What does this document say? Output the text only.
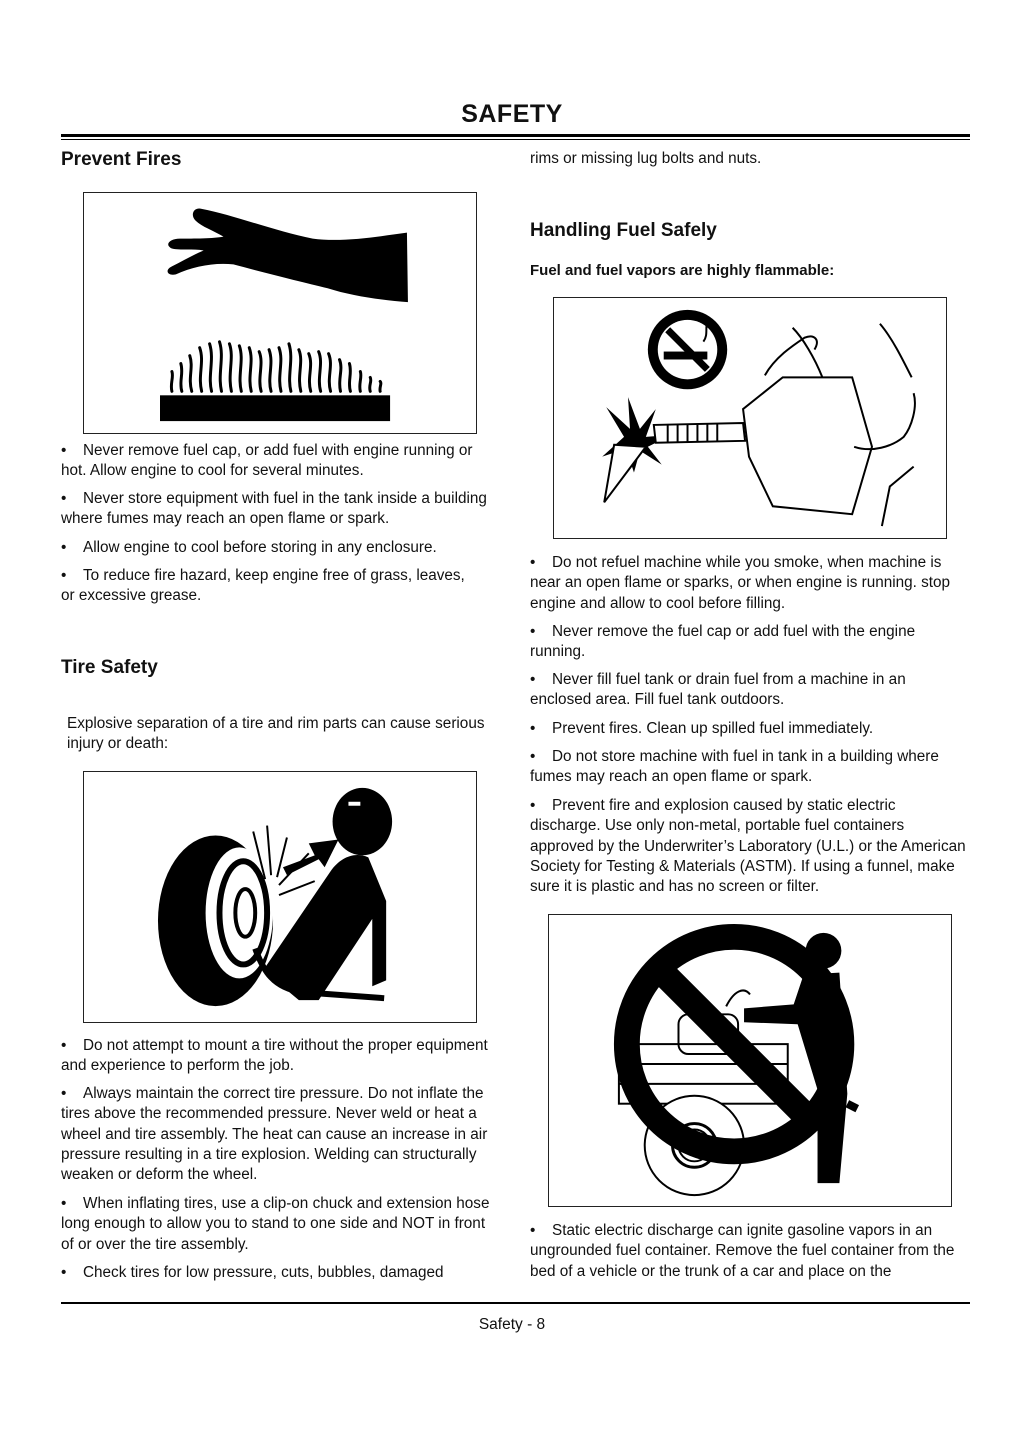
SAFETY
Prevent Fires
• Never remove fuel cap, or add fuel with engine running or hot. Allow engine to cool for several minutes.
• Never store equipment with fuel in the tank inside a building where fumes may reach an open flame or spark.
• Allow engine to cool before storing in any enclosure.
• To reduce fire hazard, keep engine free of grass, leaves, or excessive grease.
Tire Safety
Explosive separation of a tire and rim parts can cause serious injury or death:
• Do not attempt to mount a tire without the proper equipment and experience to perform the job.
• Always maintain the correct tire pressure. Do not inflate the tires above the recommended pressure. Never weld or heat a wheel and tire assembly. The heat can cause an increase in air pressure resulting in a tire explosion. Welding can structurally weaken or deform the wheel.
• When inflating tires, use a clip-on chuck and extension hose long enough to allow you to stand to one side and NOT in front of or over the tire assembly.
• Check tires for low pressure, cuts, bubbles, damaged
rims or missing lug bolts and nuts.
Handling Fuel Safely
Fuel and fuel vapors are highly flammable:
• Do not refuel machine while you smoke, when machine is near an open flame or sparks, or when engine is running. stop engine and allow to cool before filling.
• Never remove the fuel cap or add fuel with the engine running.
• Never fill fuel tank or drain fuel from a machine in an enclosed area. Fill fuel tank outdoors.
• Prevent fires. Clean up spilled fuel immediately.
• Do not store machine with fuel in tank in a building where fumes may reach an open flame or spark.
• Prevent fire and explosion caused by static electric discharge. Use only non-metal, portable fuel containers approved by the Underwriter’s Laboratory (U.L.) or the American Society for Testing & Materials (ASTM). If using a funnel, make sure it is plastic and has no screen or filter.
• Static electric discharge can ignite gasoline vapors in an ungrounded fuel container. Remove the fuel container from the bed of a vehicle or the trunk of a car and place on the
Safety - 8
